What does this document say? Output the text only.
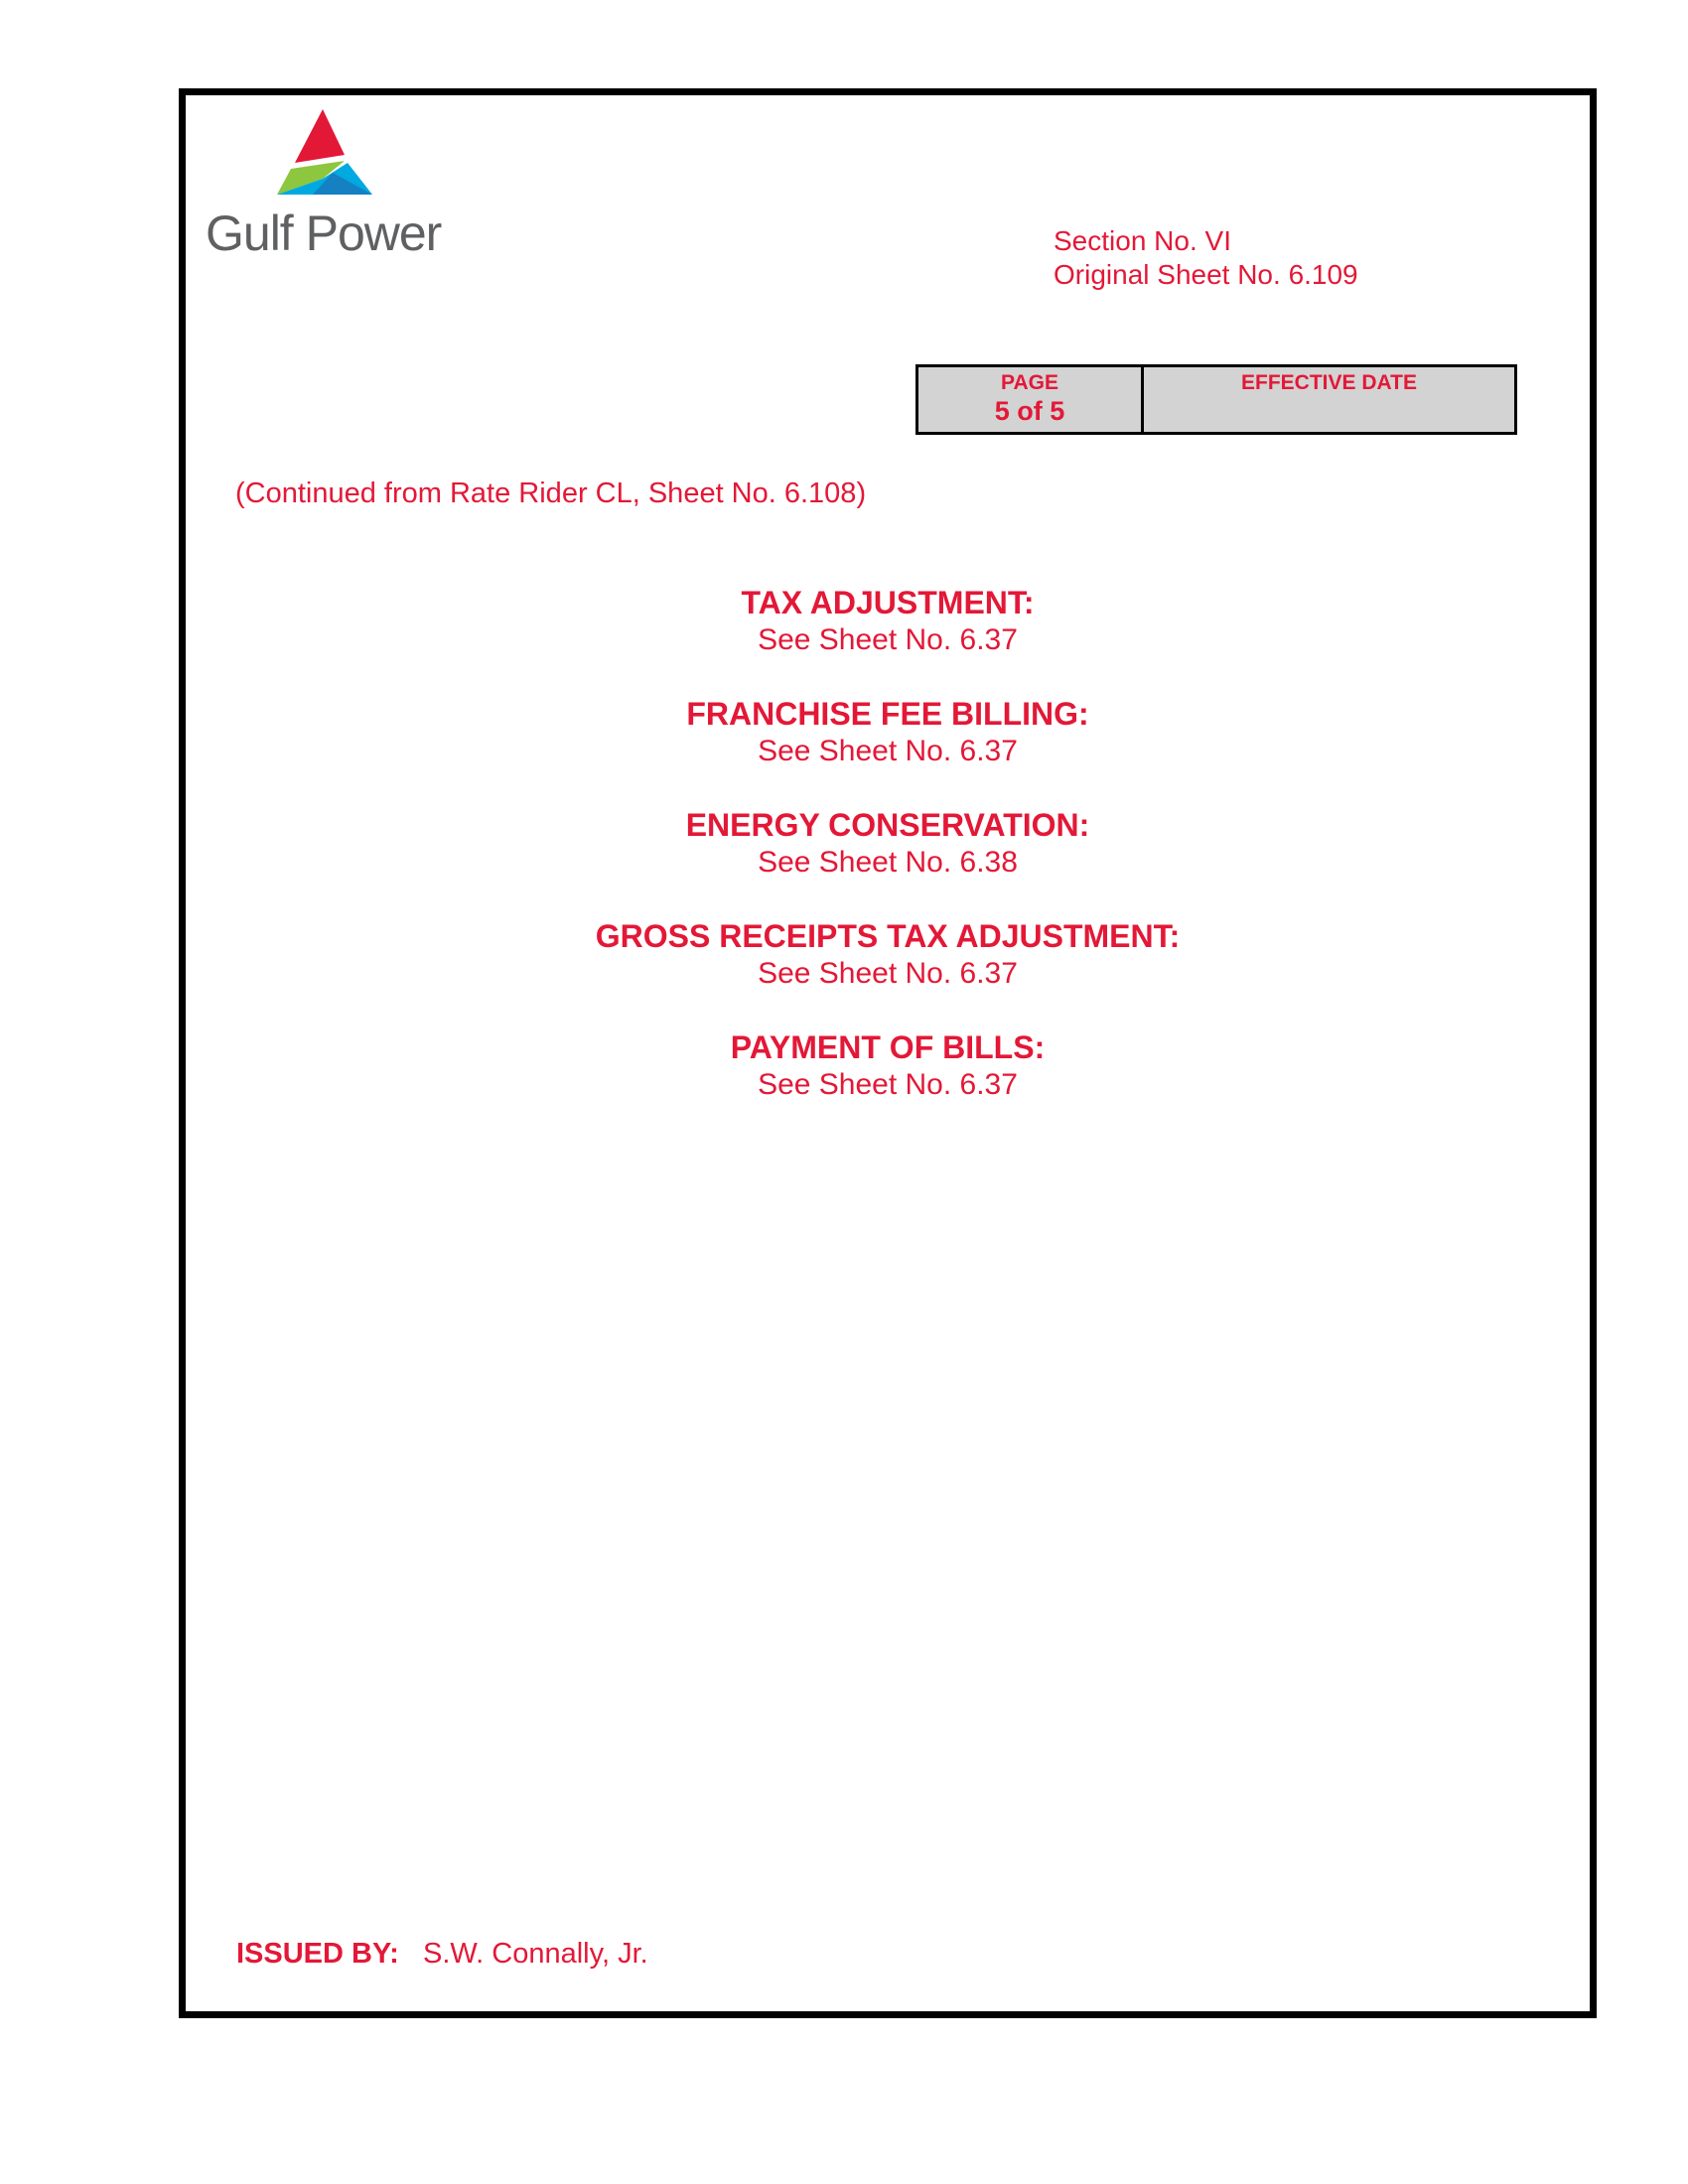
Gulf Power	Section No. VI
Original Sheet No. 6.109
PAGE
5 of 5
EFFECTIVE DATE
(Continued from Rate Rider CL, Sheet No. 6.108)
TAX ADJUSTMENT:
See Sheet No. 6.37
FRANCHISE FEE BILLING:
See Sheet No. 6.37
ENERGY CONSERVATION:
See Sheet No. 6.38
GROSS RECEIPTS TAX ADJUSTMENT:
See Sheet No. 6.37
PAYMENT OF BILLS:
See Sheet No. 6.37
ISSUED BY:   S.W. Connally, Jr.
